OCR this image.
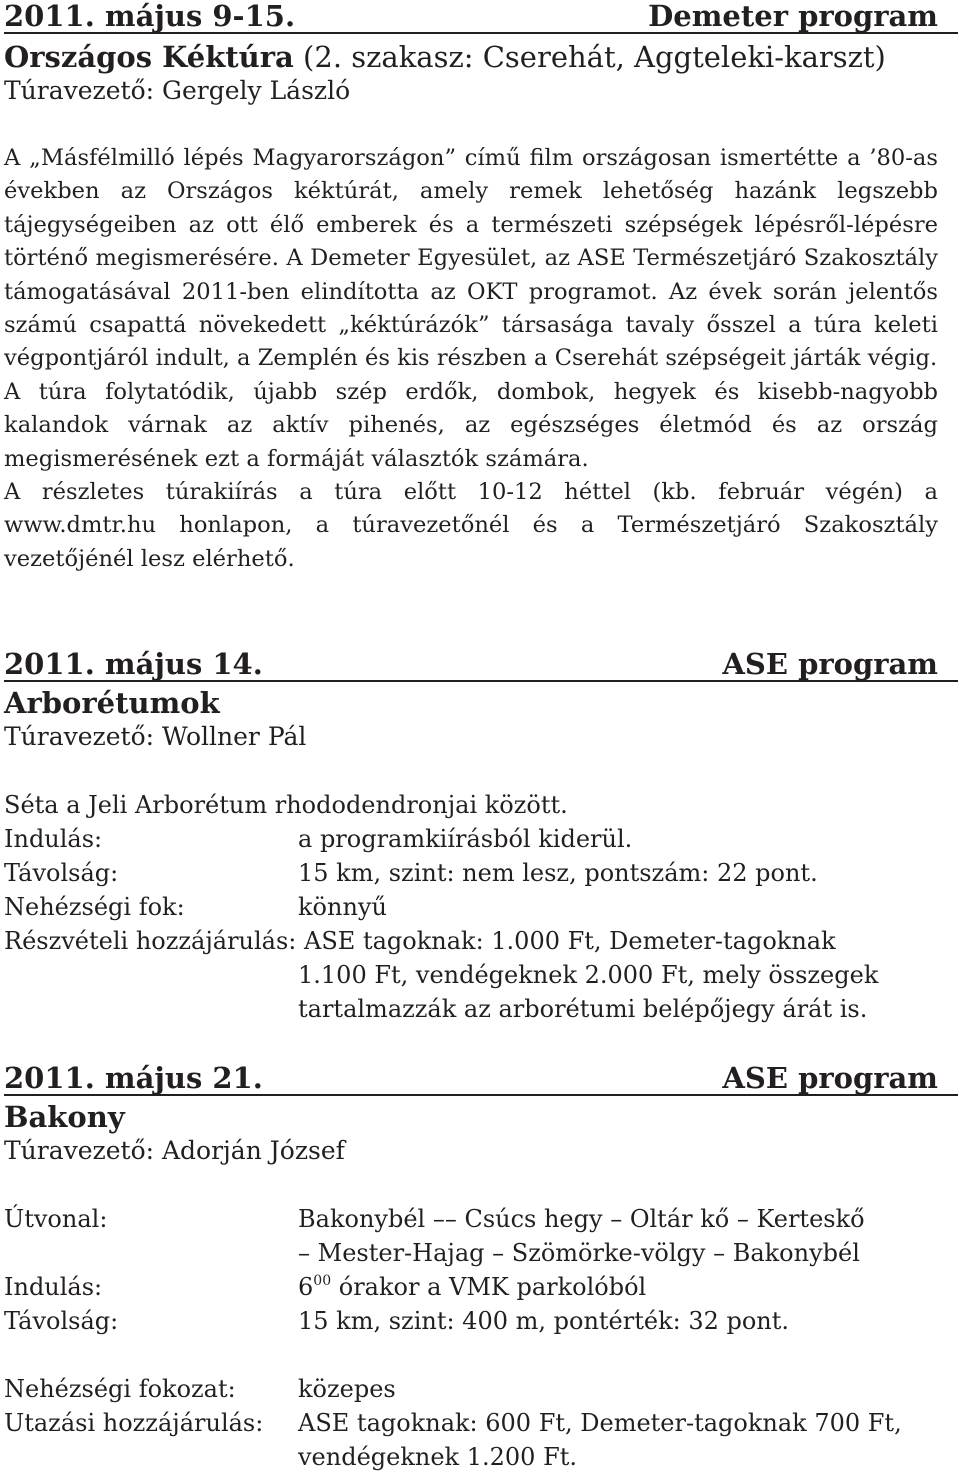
2011. május 9-15.	Demeter program
Országos Kéktúra (2. szakasz: Cserehát, Aggteleki-karszt)
Túravezető: Gergely László
A „Másfélmilló lépés Magyarországon” című film országosan ismertétte a ’80-as években az Országos kéktúrát, amely remek lehetőség hazánk legszebb tájegységeiben az ott élő emberek és a természeti szépségek lépésről-lépésre történő megismerésére. A Demeter Egyesület, az ASE Természetjáró Szakosztály támogatásával 2011-ben elindította az OKT programot. Az évek során jelentős számú csapattá növekedett „kéktúrázók” társasága tavaly ősszel a túra keleti végpontjáról indult, a Zemplén és kis részben a Cserehát szépségeit járták végig.
A túra folytatódik, újabb szép erdők, dombok, hegyek és kisebb-nagyobb kalandok várnak az aktív pihenés, az egészséges életmód és az ország megismerésének ezt a formáját választók számára.
A részletes túrakiírás a túra előtt 10-12 héttel (kb. február végén) a www.dmtr.hu honlapon, a túravezetőnél és a Természetjáró Szakosztály vezetőjénél lesz elérhető.
2011. május 14.	ASE program
Arborétumok
Túravezető: Wollner Pál
Séta a Jeli Arborétum rhododendronjai között.
Indulás:	a programkiírásból kiderül.
Távolság:	15 km, szint: nem lesz, pontszám: 22 pont.
Nehézségi fok:	könnyű
Részvételi hozzájárulás: ASE tagoknak: 1.000 Ft, Demeter-tagoknak
1.100 Ft, vendégeknek 2.000 Ft, mely összegek
tartalmazzák az arborétumi belépőjegy árát is.
2011. május 21.	ASE program
Bakony
Túravezető: Adorján József
Útvonal:	Bakonybél –– Csúcs hegy – Oltár kő – Kerteskő
– Mester-Hajag – Szömörke-völgy – Bakonybél
Indulás:	$6^{00}$ órakor a VMK parkolóból
Távolság:	15 km, szint: 400 m, pontérték: 32 pont.
Nehézségi fokozat:	közepes
Utazási hozzájárulás:	ASE tagoknak: 600 Ft, Demeter-tagoknak 700 Ft, vendégeknek 1.200 Ft.
